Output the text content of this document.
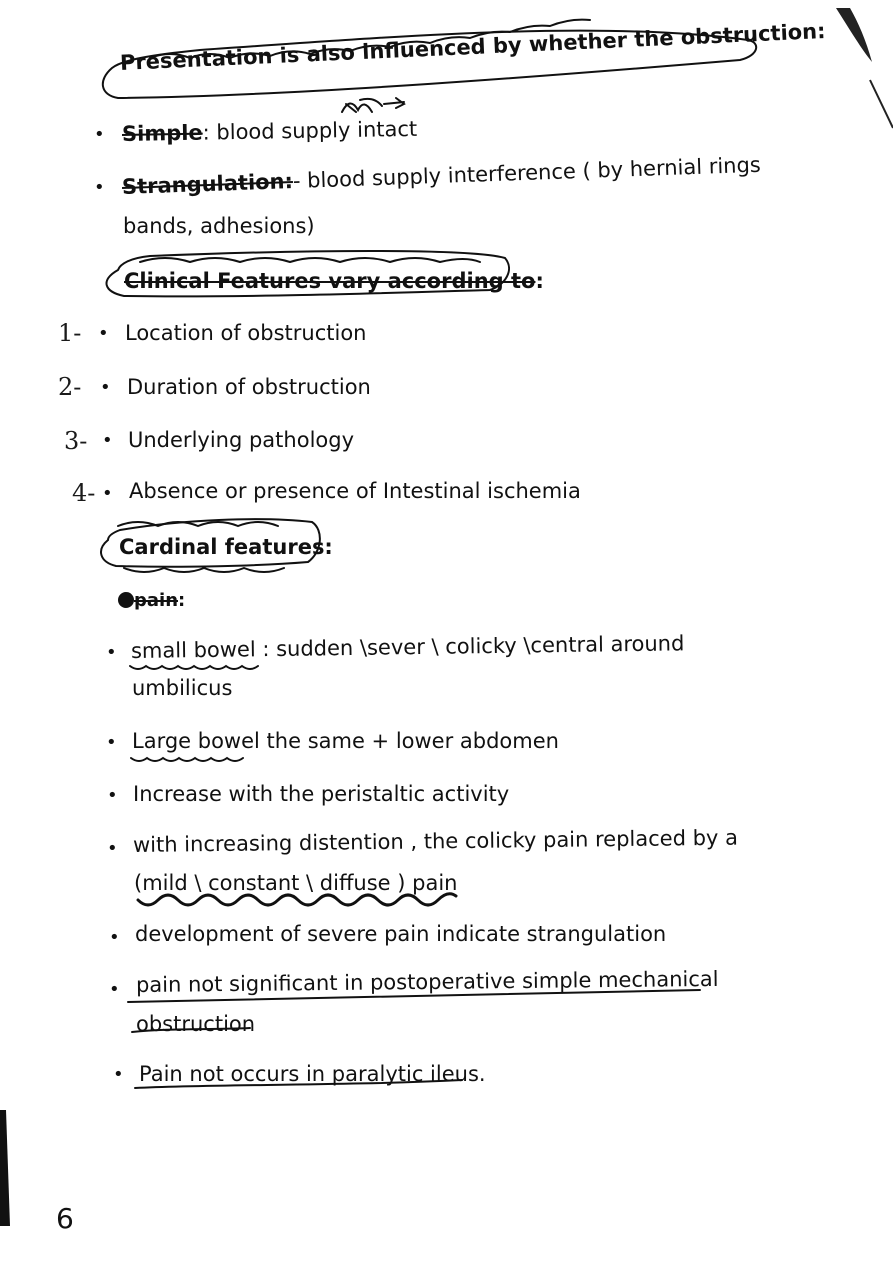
Presentation is also influenced by whether the obstruction:
• Simple: blood supply intact
• Strangulation:- blood supply interference ( by hernial rings
bands, adhesions)
Clinical Features vary according to:
1- • Location of obstruction
2- • Duration of obstruction
3- • Underlying pathology
4- • Absence or presence of Intestinal ischemia
Cardinal features:
pain:
• small bowel : sudden \sever \ colicky \central around
umbilicus
• Large bowel the same + lower abdomen
• Increase with the peristaltic activity
• with increasing distention , the colicky pain replaced by a
(mild \ constant \ diffuse ) pain
• development of severe pain indicate strangulation
• pain not significant in postoperative simple mechanical
obstruction
• Pain not occurs in paralytic ileus.
6
